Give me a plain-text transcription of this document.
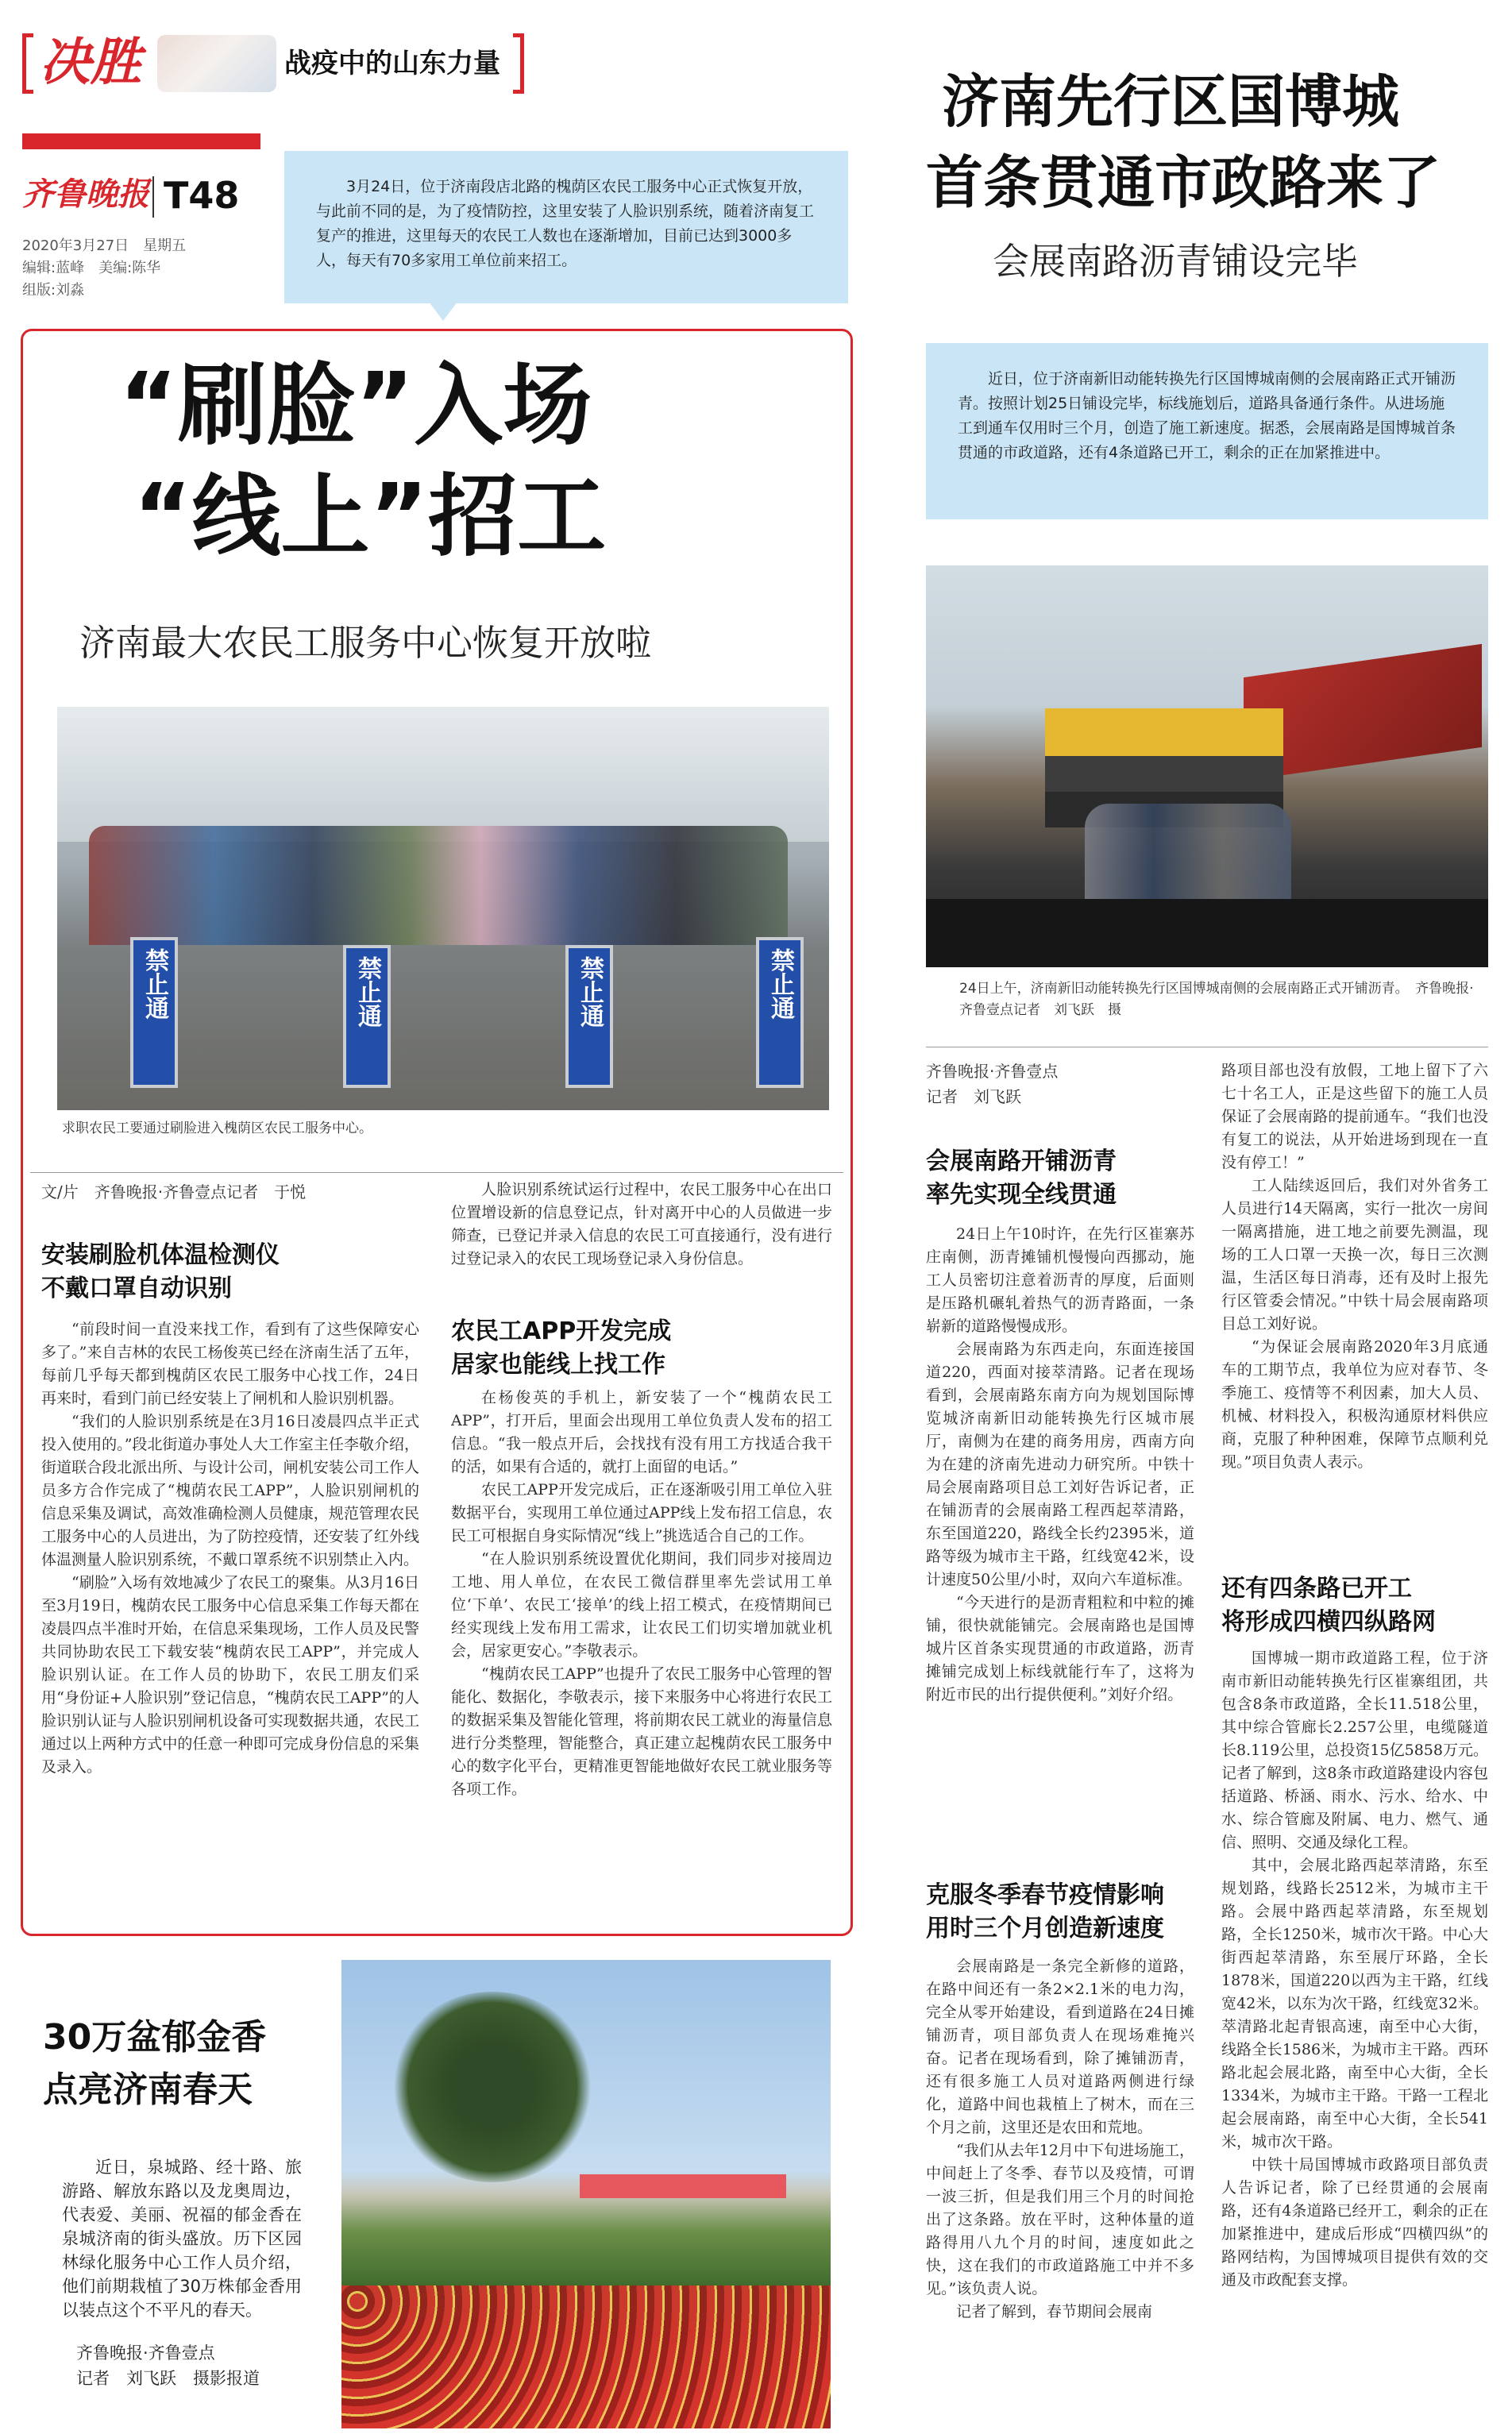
决胜	战疫中的山东力量
齐鲁晚报 T48
2020年3月27日　 星期五
编辑:蓝峰　 美编:陈华
组版:刘淼
3月24日，位于济南段店北路的槐荫区农民工服务中心正式恢复开放，与此前不同的是，为了疫情防控，这里安装了人脸识别系统，随着济南复工复产的推进，这里每天的农民工人数也在逐渐增加，目前已达到3000多人，每天有70多家用工单位前来招工。
“刷脸”入场
“线上”招工
济南最大农民工服务中心恢复开放啦
禁止通	禁止通	禁止通	禁止通
求职农民工要通过刷脸进入槐荫区农民工服务中心。
文/片　齐鲁晚报·齐鲁壹点记者　于悦
安装刷脸机体温检测仪
不戴口罩自动识别

“前段时间一直没来找工作，看到有了这些保障安心多了。”来自吉林的农民工杨俊英已经在济南生活了五年，每前几乎每天都到槐荫区农民工服务中心找工作，24日再来时，看到门前已经安装上了闸机和人脸识别机器。

“我们的人脸识别系统是在3月16日凌晨四点半正式投入使用的。”段北街道办事处人大工作室主任李敬介绍，街道联合段北派出所、与设计公司，闸机安装公司工作人员多方合作完成了“槐荫农民工APP”，人脸识别闸机的信息采集及调试，高效准确检测人员健康，规范管理农民工服务中心的人员进出，为了防控疫情，还安装了红外线体温测量人脸识别系统，不戴口罩系统不识别禁止入内。

“刷脸”入场有效地减少了农民工的聚集。从3月16日至3月19日，槐荫农民工服务中心信息采集工作每天都在凌晨四点半准时开始，在信息采集现场，工作人员及民警共同协助农民工下载安装“槐荫农民工APP”，并完成人脸识别认证。在工作人员的协助下，农民工朋友们采用“身份证+人脸识别”登记信息，“槐荫农民工APP”的人脸识别认证与人脸识别闸机设备可实现数据共通，农民工通过以上两种方式中的任意一种即可完成身份信息的采集及录入。

人脸识别系统试运行过程中，农民工服务中心在出口位置增设新的信息登记点，针对离开中心的人员做进一步筛查，已登记并录入信息的农民工可直接通行，没有进行过登记录入的农民工现场登记录入身份信息。

农民工APP开发完成
居家也能线上找工作

在杨俊英的手机上，新安装了一个“槐荫农民工APP”，打开后，里面会出现用工单位负责人发布的招工信息。“我一般点开后，会找找有没有用工方找适合我干的活，如果有合适的，就打上面留的电话。”

农民工APP开发完成后，正在逐渐吸引用工单位入驻数据平台，实现用工单位通过APP线上发布招工信息，农民工可根据自身实际情况“线上”挑选适合自己的工作。

“在人脸识别系统设置优化期间，我们同步对接周边工地、用人单位，在农民工微信群里率先尝试用工单位‘下单’、农民工‘接单’的线上招工模式，在疫情期间已经实现线上发布用工需求，让农民工们切实增加就业机会，居家更安心。”李敬表示。

“槐荫农民工APP”也提升了农民工服务中心管理的智能化、数据化，李敬表示，接下来服务中心将进行农民工的数据采集及智能化管理，将前期农民工就业的海量信息进行分类整理，智能整合，真正建立起槐荫农民工服务中心的数字化平台，更精准更智能地做好农民工就业服务等各项工作。

30万盆郁金香
点亮济南春天
近日，泉城路、经十路、旅游路、解放东路以及龙奥周边，代表爱、美丽、祝福的郁金香在泉城济南的街头盛放。历下区园林绿化服务中心工作人员介绍，他们前期栽植了30万株郁金香用以装点这个不平凡的春天。
齐鲁晚报·齐鲁壹点
记者　刘飞跃　摄影报道
济南先行区国博城
首条贯通市政路来了
会展南路沥青铺设完毕
近日，位于济南新旧动能转换先行区国博城南侧的会展南路正式开铺沥青。按照计划25日铺设完毕，标线施划后，道路具备通行条件。从进场施工到通车仅用时三个月，创造了施工新速度。据悉，会展南路是国博城首条贯通的市政道路，还有4条道路已开工，剩余的正在加紧推进中。
24日上午，济南新旧动能转换先行区国博城南侧的会展南路正式开铺沥青。　齐鲁晚报·齐鲁壹点记者　刘飞跃　摄
齐鲁晚报·齐鲁壹点
记者　刘飞跃
会展南路开铺沥青
率先实现全线贯通

24日上午10时许，在先行区崔寨苏庄南侧，沥青摊铺机慢慢向西挪动，施工人员密切注意着沥青的厚度，后面则是压路机碾轧着热气的沥青路面，一条崭新的道路慢慢成形。

会展南路为东西走向，东面连接国道220，西面对接萃清路。记者在现场看到，会展南路东南方向为规划国际博览城济南新旧动能转换先行区城市展厅，南侧为在建的商务用房，西南方向为在建的济南先进动力研究所。中铁十局会展南路项目总工刘好告诉记者，正在铺沥青的会展南路工程西起萃清路，东至国道220，路线全长约2395米，道路等级为城市主干路，红线宽42米，设计速度50公里/小时，双向六车道标准。

“今天进行的是沥青粗粒和中粒的摊铺，很快就能铺完。会展南路也是国博城片区首条实现贯通的市政道路，沥青摊铺完成划上标线就能行车了，这将为附近市民的出行提供便利。”刘好介绍。

克服冬季春节疫情影响
用时三个月创造新速度

会展南路是一条完全新修的道路，在路中间还有一条2×2.1米的电力沟，完全从零开始建设，看到道路在24日摊铺沥青，项目部负责人在现场难掩兴奋。记者在现场看到，除了摊铺沥青，还有很多施工人员对道路两侧进行绿化，道路中间也栽植上了树木，而在三个月之前，这里还是农田和荒地。

“我们从去年12月中下旬进场施工，中间赶上了冬季、春节以及疫情，可谓一波三折，但是我们用三个月的时间抢出了这条路。放在平时，这种体量的道路得用八九个月的时间，速度如此之快，这在我们的市政道路施工中并不多见。”该负责人说。

记者了解到，春节期间会展南

路项目部也没有放假，工地上留下了六七十名工人，正是这些留下的施工人员保证了会展南路的提前通车。“我们也没有复工的说法，从开始进场到现在一直没有停工！”

工人陆续返回后，我们对外省务工人员进行14天隔离，实行一批次一房间一隔离措施，进工地之前要先测温，现场的工人口罩一天换一次，每日三次测温，生活区每日消毒，还有及时上报先行区管委会情况。”中铁十局会展南路项目总工刘好说。

“为保证会展南路2020年3月底通车的工期节点，我单位为应对春节、冬季施工、疫情等不利因素，加大人员、机械、材料投入，积极沟通原材料供应商，克服了种种困难，保障节点顺利兑现。”项目负责人表示。

还有四条路已开工
将形成四横四纵路网

国博城一期市政道路工程，位于济南市新旧动能转换先行区崔寨组团，共包含8条市政道路，全长11.518公里，其中综合管廊长2.257公里，电缆隧道长8.119公里，总投资15亿5858万元。记者了解到，这8条市政道路建设内容包括道路、桥涵、雨水、污水、给水、中水、综合管廊及附属、电力、燃气、通信、照明、交通及绿化工程。

其中，会展北路西起萃清路，东至规划路，线路长2512米，为城市主干路。会展中路西起萃清路，东至规划路，全长1250米，城市次干路。中心大街西起萃清路，东至展厅环路，全长1878米，国道220以西为主干路，红线宽42米，以东为次干路，红线宽32米。萃清路北起青银高速，南至中心大街，线路全长1586米，为城市主干路。西环路北起会展北路，南至中心大街，全长1334米，为城市主干路。干路一工程北起会展南路，南至中心大街，全长541米，城市次干路。

中铁十局国博城市政路项目部负责人告诉记者，除了已经贯通的会展南路，还有4条道路已经开工，剩余的正在加紧推进中，建成后形成“四横四纵”的路网结构，为国博城项目提供有效的交通及市政配套支撑。
